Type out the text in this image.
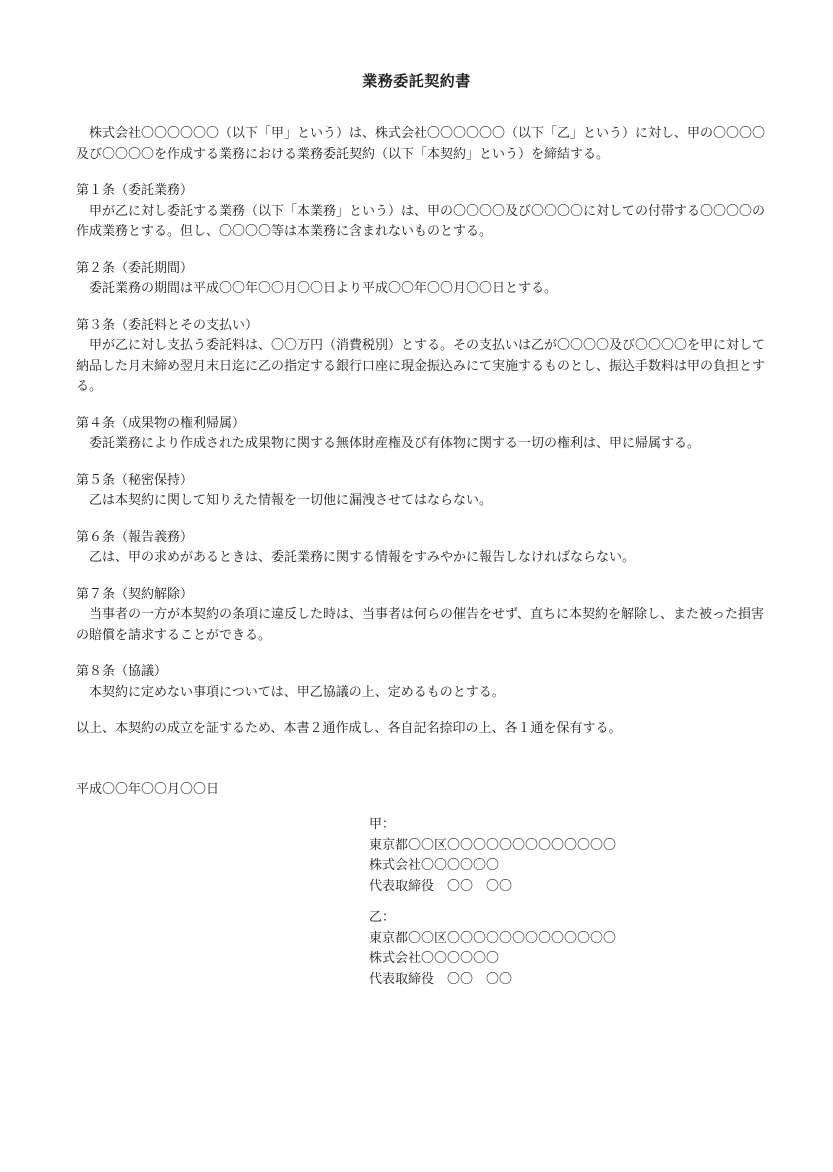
業務委託契約書

株式会社〇〇〇〇〇〇（以下「甲」という）は、株式会社〇〇〇〇〇〇（以下「乙」という）に対し、甲の〇〇〇〇及び〇〇〇〇を作成する業務における業務委託契約（以下「本契約」という）を締結する。

第１条（委託業務）

甲が乙に対し委託する業務（以下「本業務」という）は、甲の〇〇〇〇及び〇〇〇〇に対しての付帯する〇〇〇〇の作成業務とする。但し、〇〇〇〇等は本業務に含まれないものとする。

第２条（委託期間）

委託業務の期間は平成〇〇年〇〇月〇〇日より平成〇〇年〇〇月〇〇日とする。

第３条（委託料とその支払い）

甲が乙に対し支払う委託料は、〇〇万円（消費税別）とする。その支払いは乙が〇〇〇〇及び〇〇〇〇を甲に対して納品した月末締め翌月末日迄に乙の指定する銀行口座に現金振込みにて実施するものとし、振込手数料は甲の負担とする。

第４条（成果物の権利帰属）

委託業務により作成された成果物に関する無体財産権及び有体物に関する一切の権利は、甲に帰属する。

第５条（秘密保持）

乙は本契約に関して知りえた情報を一切他に漏洩させてはならない。

第６条（報告義務）

乙は、甲の求めがあるときは、委託業務に関する情報をすみやかに報告しなければならない。

第７条（契約解除）

当事者の一方が本契約の条項に違反した時は、当事者は何らの催告をせず、直ちに本契約を解除し、また被った損害の賠償を請求することができる。

第８条（協議）

本契約に定めない事項については、甲乙協議の上、定めるものとする。

以上、本契約の成立を証するため、本書２通作成し、各自記名捺印の上、各１通を保有する。

平成〇〇年〇〇月〇〇日

甲：
東京都〇〇区〇〇〇〇〇〇〇〇〇〇〇〇〇
株式会社〇〇〇〇〇〇
代表取締役　〇〇　〇〇
乙：
東京都〇〇区〇〇〇〇〇〇〇〇〇〇〇〇〇
株式会社〇〇〇〇〇〇
代表取締役　〇〇　〇〇
